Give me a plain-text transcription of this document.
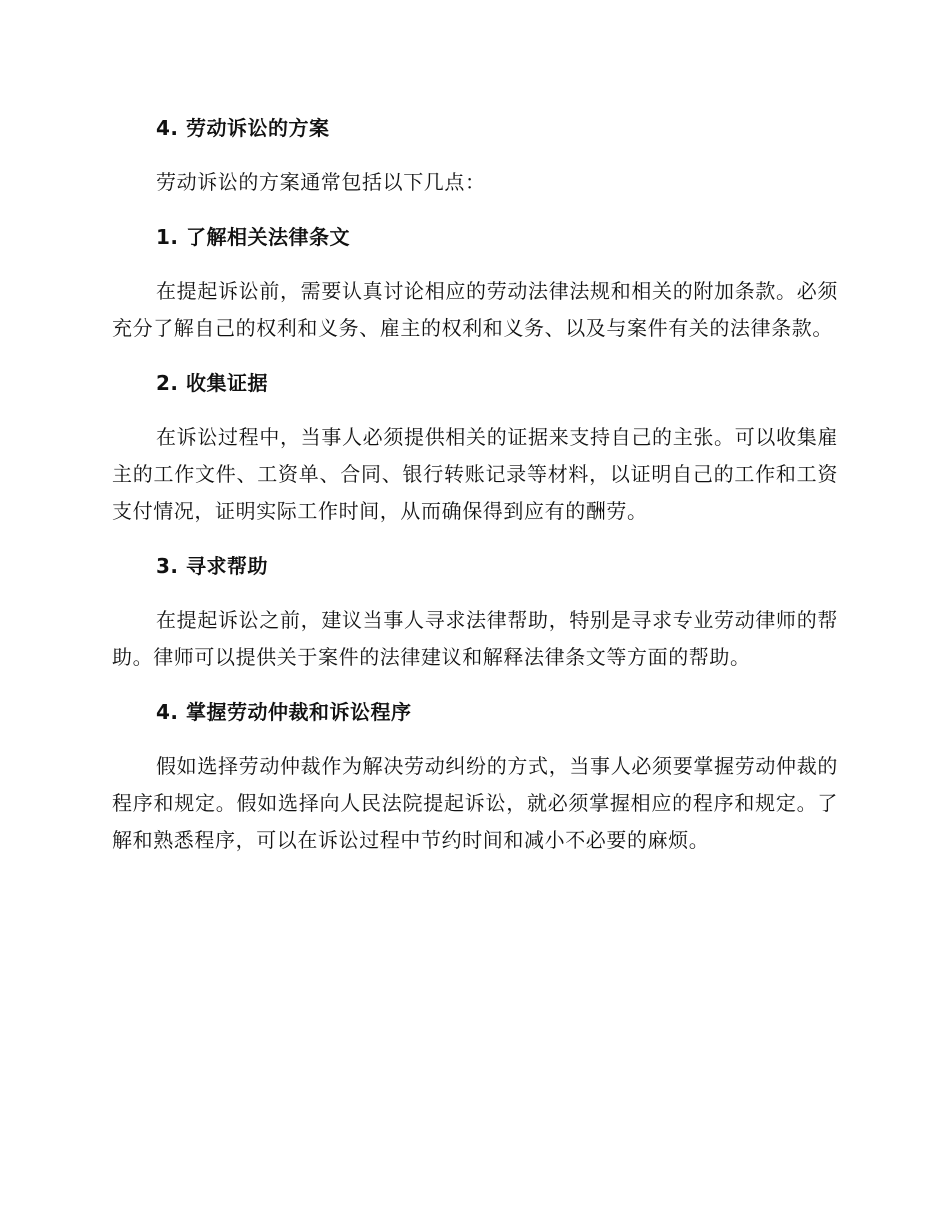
4. 劳动诉讼的方案

劳动诉讼的方案通常包括以下几点：

1. 了解相关法律条文

在提起诉讼前，需要认真讨论相应的劳动法律法规和相关的附加条款。必须充分了解自己的权利和义务、雇主的权利和义务、以及与案件有关的法律条款。

2. 收集证据

在诉讼过程中，当事人必须提供相关的证据来支持自己的主张。可以收集雇主的工作文件、工资单、合同、银行转账记录等材料，以证明自己的工作和工资支付情况，证明实际工作时间，从而确保得到应有的酬劳。

3. 寻求帮助

在提起诉讼之前，建议当事人寻求法律帮助，特别是寻求专业劳动律师的帮助。律师可以提供关于案件的法律建议和解释法律条文等方面的帮助。

4. 掌握劳动仲裁和诉讼程序

假如选择劳动仲裁作为解决劳动纠纷的方式，当事人必须要掌握劳动仲裁的程序和规定。假如选择向人民法院提起诉讼，就必须掌握相应的程序和规定。了解和熟悉程序，可以在诉讼过程中节约时间和减小不必要的麻烦。
